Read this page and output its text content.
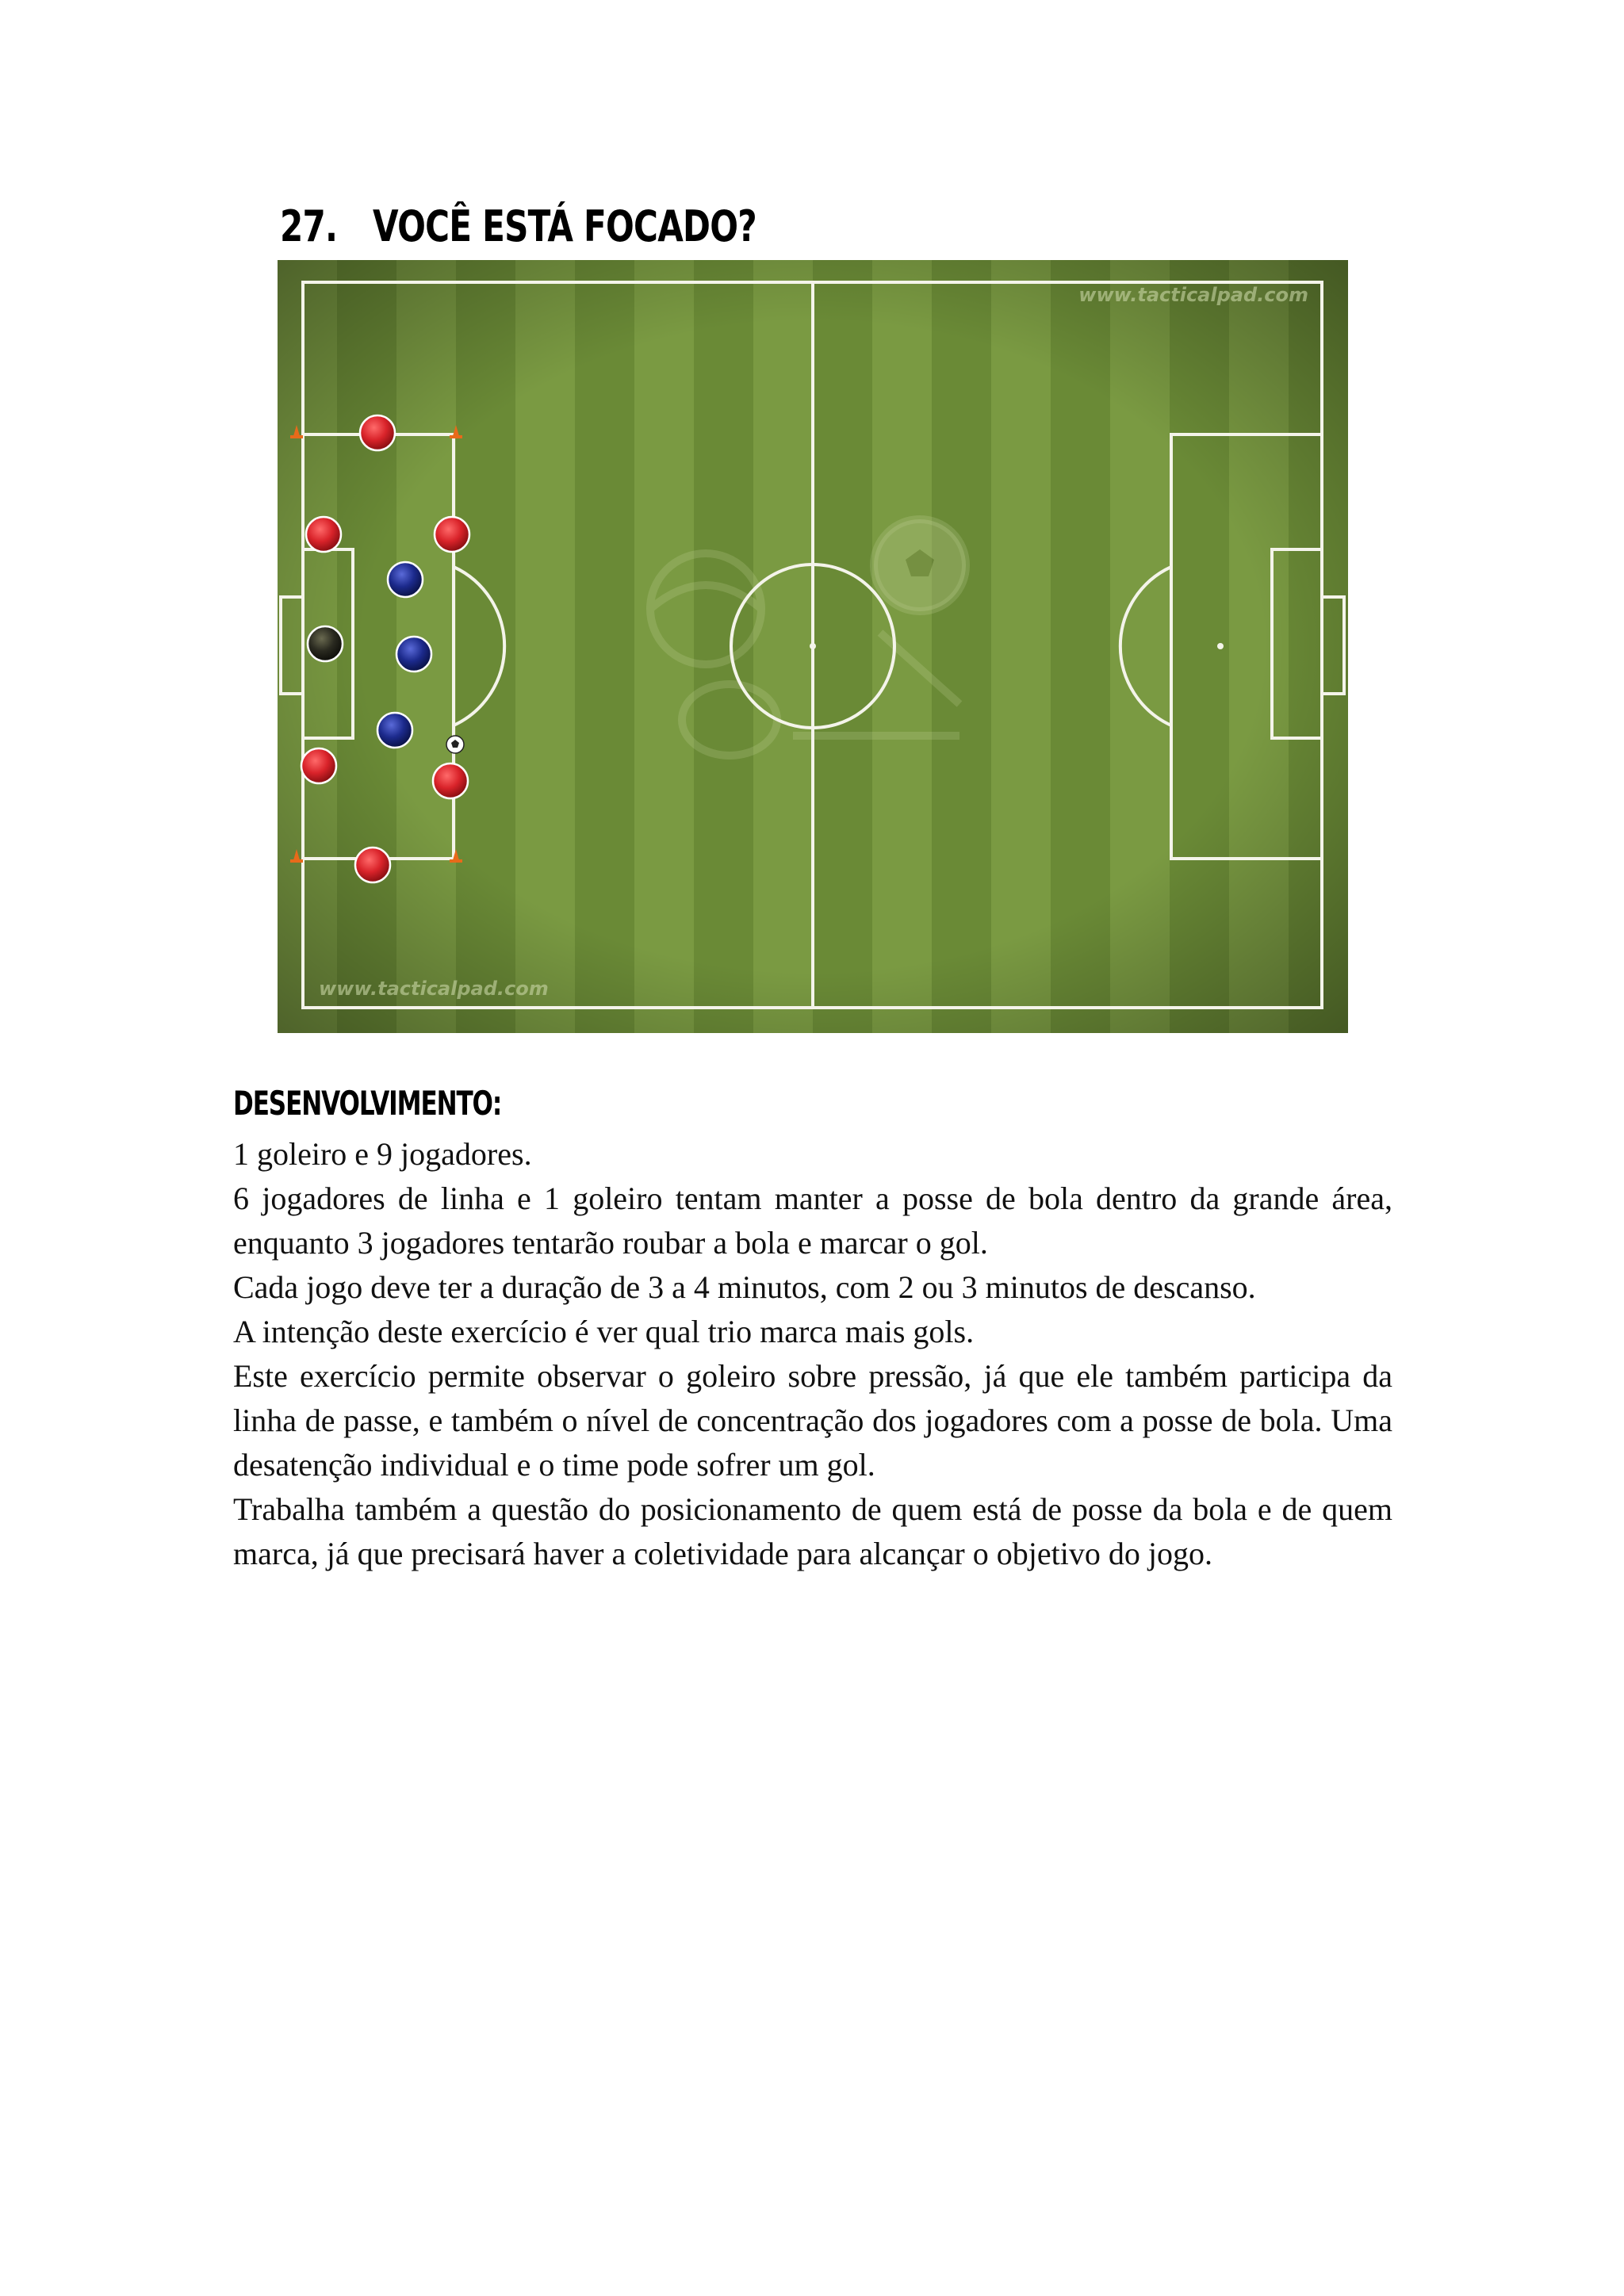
27. VOCÊ ESTÁ FOCADO?
www.tacticalpad.com
www.tacticalpad.com
DESENVOLVIMENTO:

1 goleiro e 9 jogadores.

6 jogadores de linha e 1 goleiro tentam manter a posse de bola dentro da grande área, enquanto 3 jogadores tentarão roubar a bola e marcar o gol.

Cada jogo deve ter a duração de 3 a 4 minutos, com 2 ou 3 minutos de descanso.

A intenção deste exercício é ver qual trio marca mais gols.

Este exercício permite observar o goleiro sobre pressão, já que ele também participa da linha de passe, e também o nível de concentração dos jogadores com a posse de bola. Uma desatenção individual e o time pode sofrer um gol.

Trabalha também a questão do posicionamento de quem está de posse da bola e de quem marca, já que precisará haver a coletividade para alcançar o objetivo do jogo.
